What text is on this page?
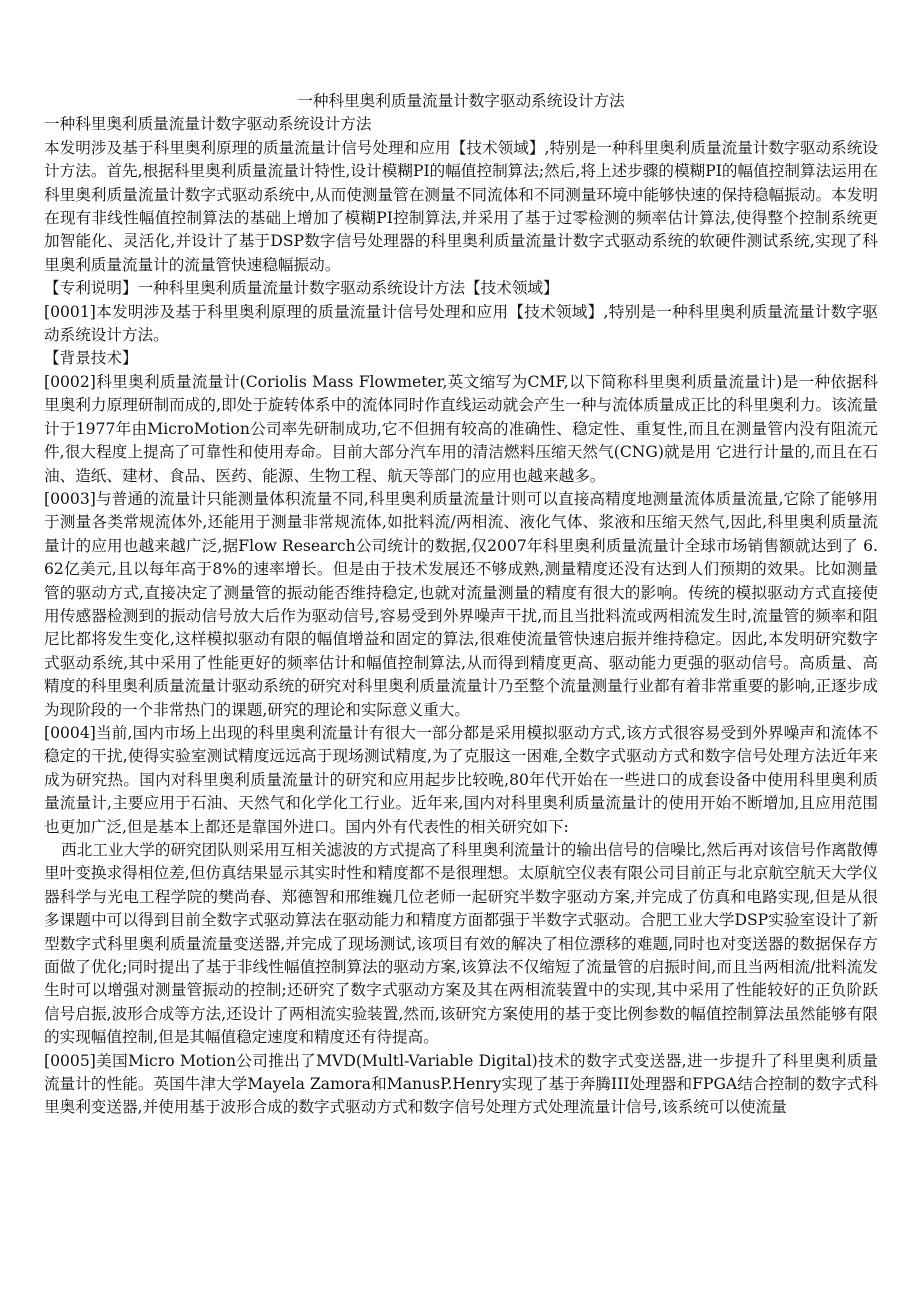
一种科里奥利质量流量计数字驱动系统设计方法

一种科里奥利质量流量计数字驱动系统设计方法

本发明涉及基于科里奥利原理的质量流量计信号处理和应用【技术领域】,特别是一种科里奥利质量流量计数字驱动系统设计方法。首先,根据科里奥利质量流量计特性,设计模糊PI的幅值控制算法;然后,将上述步骤的模糊PI的幅值控制算法运用在科里奥利质量流量计数字式驱动系统中,从而使测量管在测量不同流体和不同测量环境中能够快速的保持稳幅振动。本发明在现有非线性幅值控制算法的基础上增加了模糊PI控制算法,并采用了基于过零检测的频率估计算法,使得整个控制系统更加智能化、灵活化,并设计了基于DSP数字信号处理器的科里奥利质量流量计数字式驱动系统的软硬件测试系统,实现了科里奥利质量流量计的流量管快速稳幅振动。

【专利说明】一种科里奥利质量流量计数字驱动系统设计方法【技术领域】

[0001]本发明涉及基于科里奥利原理的质量流量计信号处理和应用【技术领域】,特别是一种科里奥利质量流量计数字驱动系统设计方法。

【背景技术】

[0002]科里奥利质量流量计(Coriolis Mass Flowmeter,英文缩写为CMF,以下简称科里奥利质量流量计)是一种依据科里奥利力原理研制而成的,即处于旋转体系中的流体同时作直线运动就会产生一种与流体质量成正比的科里奥利力。该流量计于1977年由MicroMotion公司率先研制成功,它不但拥有较高的准确性、稳定性、重复性,而且在测量管内没有阻流元件,很大程度上提高了可靠性和使用寿命。目前大部分汽车用的清洁燃料压缩天然气(CNG)就是用 它进行计量的,而且在石油、造纸、建材、食品、医药、能源、生物工程、航天等部门的应用也越来越多。

[0003]与普通的流量计只能测量体积流量不同,科里奥利质量流量计则可以直接高精度地测量流体质量流量,它除了能够用于测量各类常规流体外,还能用于测量非常规流体,如批料流/两相流、液化气体、浆液和压缩天然气,因此,科里奥利质量流量计的应用也越来越广泛,据Flow Research公司统计的数据,仅2007年科里奥利质量流量计全球市场销售额就达到了 6.62亿美元,且以每年高于8%的速率增长。但是由于技术发展还不够成熟,测量精度还没有达到人们预期的效果。比如测量管的驱动方式,直接决定了测量管的振动能否维持稳定,也就对流量测量的精度有很大的影响。传统的模拟驱动方式直接使用传感器检测到的振动信号放大后作为驱动信号,容易受到外界噪声干扰,而且当批料流或两相流发生时,流量管的频率和阻尼比都将发生变化,这样模拟驱动有限的幅值增益和固定的算法,很难使流量管快速启振并维持稳定。因此,本发明研究数字式驱动系统,其中采用了性能更好的频率估计和幅值控制算法,从而得到精度更高、驱动能力更强的驱动信号。高质量、高精度的科里奥利质量流量计驱动系统的研究对科里奥利质量流量计乃至整个流量测量行业都有着非常重要的影响,正逐步成为现阶段的一个非常热门的课题,研究的理论和实际意义重大。

[0004]当前,国内市场上出现的科里奥利流量计有很大一部分都是采用模拟驱动方式,该方式很容易受到外界噪声和流体不稳定的干扰,使得实验室测试精度远远高于现场测试精度,为了克服这一困难,全数字式驱动方式和数字信号处理方法近年来成为研究热。国内对科里奥利质量流量计的研究和应用起步比较晚,80年代开始在一些进口的成套设备中使用科里奥利质量流量计,主要应用于石油、天然气和化学化工行业。近年来,国内对科里奥利质量流量计的使用开始不断增加,且应用范围也更加广泛,但是基本上都还是靠国外进口。国内外有代表性的相关研究如下:

西北工业大学的研究团队则采用互相关滤波的方式提高了科里奥利流量计的输出信号的信噪比,然后再对该信号作离散傅里叶变换求得相位差,但仿真结果显示其实时性和精度都不是很理想。太原航空仪表有限公司目前正与北京航空航天大学仪器科学与光电工程学院的樊尚春、郑德智和邢维巍几位老师一起研究半数字驱动方案,并完成了仿真和电路实现,但是从很多课题中可以得到目前全数字式驱动算法在驱动能力和精度方面都强于半数字式驱动。合肥工业大学DSP实验室设计了新型数字式科里奥利质量流量变送器,并完成了现场测试,该项目有效的解决了相位漂移的难题,同时也对变送器的数据保存方面做了优化;同时提出了基于非线性幅值控制算法的驱动方案,该算法不仅缩短了流量管的启振时间,而且当两相流/批料流发生时可以增强对测量管振动的控制;还研究了数字式驱动方案及其在两相流装置中的实现,其中采用了性能较好的正负阶跃信号启振,波形合成等方法,还设计了两相流实验装置,然而,该研究方案使用的基于变比例参数的幅值控制算法虽然能够有限的实现幅值控制,但是其幅值稳定速度和精度还有待提高。

[0005]美国Micro Motion公司推出了MVD(Multl-Variable Digital)技术的数字式变送器,进一步提升了科里奥利质量流量计的性能。英国牛津大学Mayela Zamora和ManusP.Henry实现了基于奔腾III处理器和FPGA结合控制的数字式科里奥利变送器,并使用基于波形合成的数字式驱动方式和数字信号处理方式处理流量计信号,该系统可以使流量
